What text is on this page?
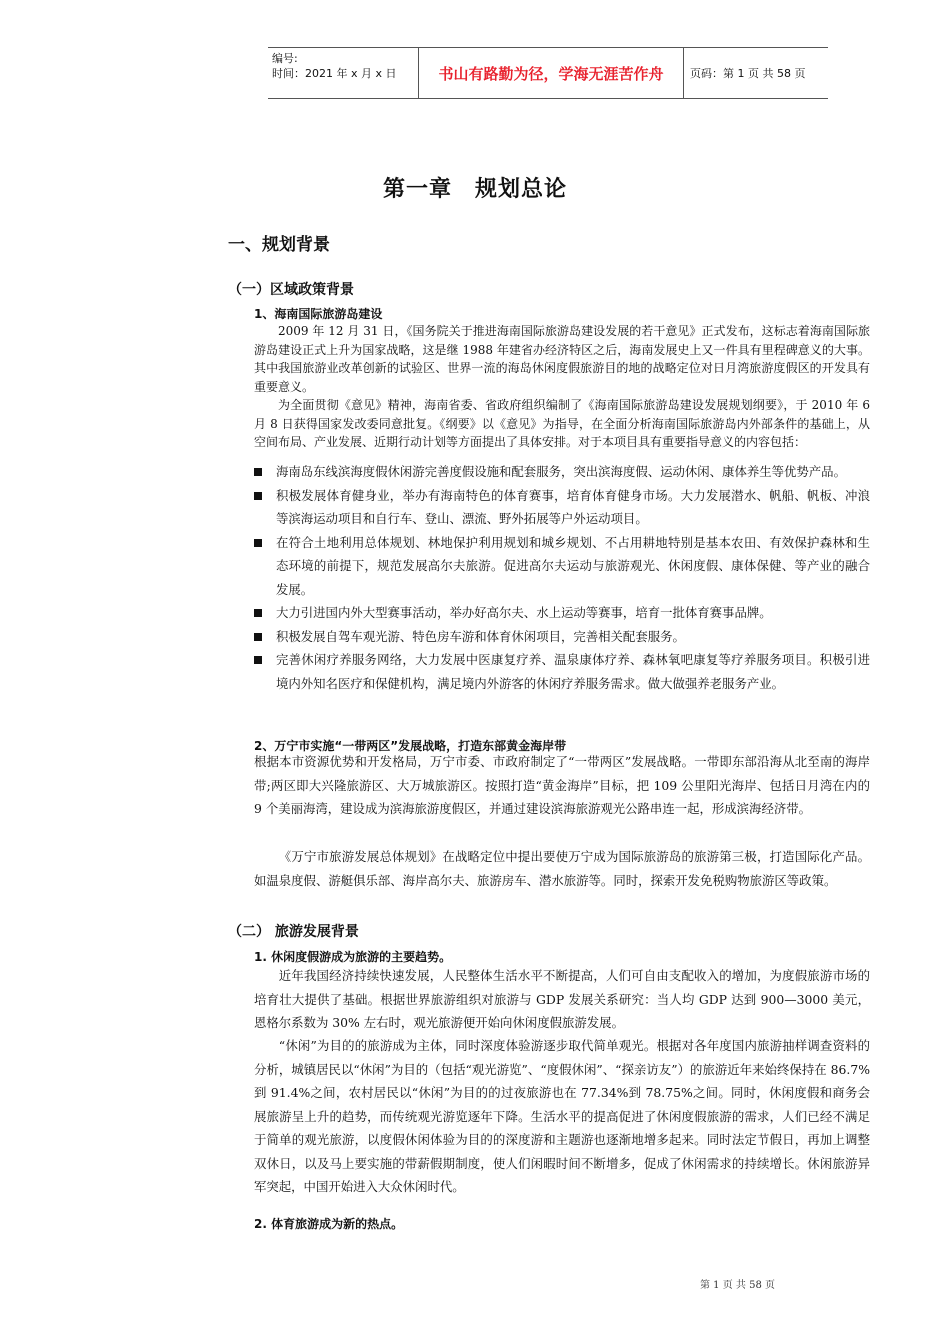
编号:
时间：2021 年 x 月 x 日	书山有路勤为径，学海无涯苦作舟	页码：第 1 页 共 58 页
第一章　规划总论
一、规划背景
（一）区域政策背景
1、海南国际旅游岛建设

2009 年 12 月 31 日，《国务院关于推进海南国际旅游岛建设发展的若干意见》正式发布，这标志着海南国际旅游岛建设正式上升为国家战略，这是继 1988 年建省办经济特区之后，海南发展史上又一件具有里程碑意义的大事。其中我国旅游业改革创新的试验区、世界一流的海岛休闲度假旅游目的地的战略定位对日月湾旅游度假区的开发具有重要意义。

为全面贯彻《意见》精神，海南省委、省政府组织编制了《海南国际旅游岛建设发展规划纲要》，于 2010 年 6 月 8 日获得国家发改委同意批复。《纲要》以《意见》为指导，在全面分析海南国际旅游岛内外部条件的基础上，从空间布局、产业发展、近期行动计划等方面提出了具体安排。对于本项目具有重要指导意义的内容包括：

海南岛东线滨海度假休闲游完善度假设施和配套服务，突出滨海度假、运动休闲、康体养生等优势产品。
积极发展体育健身业，举办有海南特色的体育赛事，培育体育健身市场。大力发展潜水、帆船、帆板、冲浪等滨海运动项目和自行车、登山、漂流、野外拓展等户外运动项目。
在符合土地利用总体规划、林地保护利用规划和城乡规划、不占用耕地特别是基本农田、有效保护森林和生态环境的前提下，规范发展高尔夫旅游。促进高尔夫运动与旅游观光、休闲度假、康体保健、等产业的融合发展。
大力引进国内外大型赛事活动，举办好高尔夫、水上运动等赛事，培育一批体育赛事品牌。
积极发展自驾车观光游、特色房车游和体育休闲项目，完善相关配套服务。
完善休闲疗养服务网络，大力发展中医康复疗养、温泉康体疗养、森林氧吧康复等疗养服务项目。积极引进境内外知名医疗和保健机构，满足境内外游客的休闲疗养服务需求。做大做强养老服务产业。
2、万宁市实施“一带两区”发展战略，打造东部黄金海岸带

根据本市资源优势和开发格局，万宁市委、市政府制定了“一带两区”发展战略。一带即东部沿海从北至南的海岸带;两区即大兴隆旅游区、大万城旅游区。按照打造“黄金海岸”目标，把 109 公里阳光海岸、包括日月湾在内的 9 个美丽海湾，建设成为滨海旅游度假区，并通过建设滨海旅游观光公路串连一起，形成滨海经济带。

《万宁市旅游发展总体规划》在战略定位中提出要使万宁成为国际旅游岛的旅游第三极，打造国际化产品。如温泉度假、游艇俱乐部、海岸高尔夫、旅游房车、潜水旅游等。同时，探索开发免税购物旅游区等政策。

（二） 旅游发展背景
1. 休闲度假游成为旅游的主要趋势。

近年我国经济持续快速发展，人民整体生活水平不断提高，人们可自由支配收入的增加，为度假旅游市场的培育壮大提供了基础。根据世界旅游组织对旅游与 GDP 发展关系研究：当人均 GDP 达到 900—3000 美元，恩格尔系数为 30% 左右时，观光旅游便开始向休闲度假旅游发展。

“休闲”为目的的旅游成为主体，同时深度体验游逐步取代简单观光。根据对各年度国内旅游抽样调查资料的分析，城镇居民以“休闲”为目的（包括“观光游览”、“度假休闲”、“探亲访友”）的旅游近年来始终保持在 86.7%到 91.4%之间，农村居民以“休闲”为目的的过夜旅游也在 77.34%到 78.75%之间。同时，休闲度假和商务会展旅游呈上升的趋势，而传统观光游览逐年下降。生活水平的提高促进了休闲度假旅游的需求，人们已经不满足于简单的观光旅游，以度假休闲体验为目的的深度游和主题游也逐渐地增多起来。同时法定节假日，再加上调整双休日，以及马上要实施的带薪假期制度，使人们闲暇时间不断增多，促成了休闲需求的持续增长。休闲旅游异军突起，中国开始进入大众休闲时代。

2. 体育旅游成为新的热点。
第 1 页 共 58 页
